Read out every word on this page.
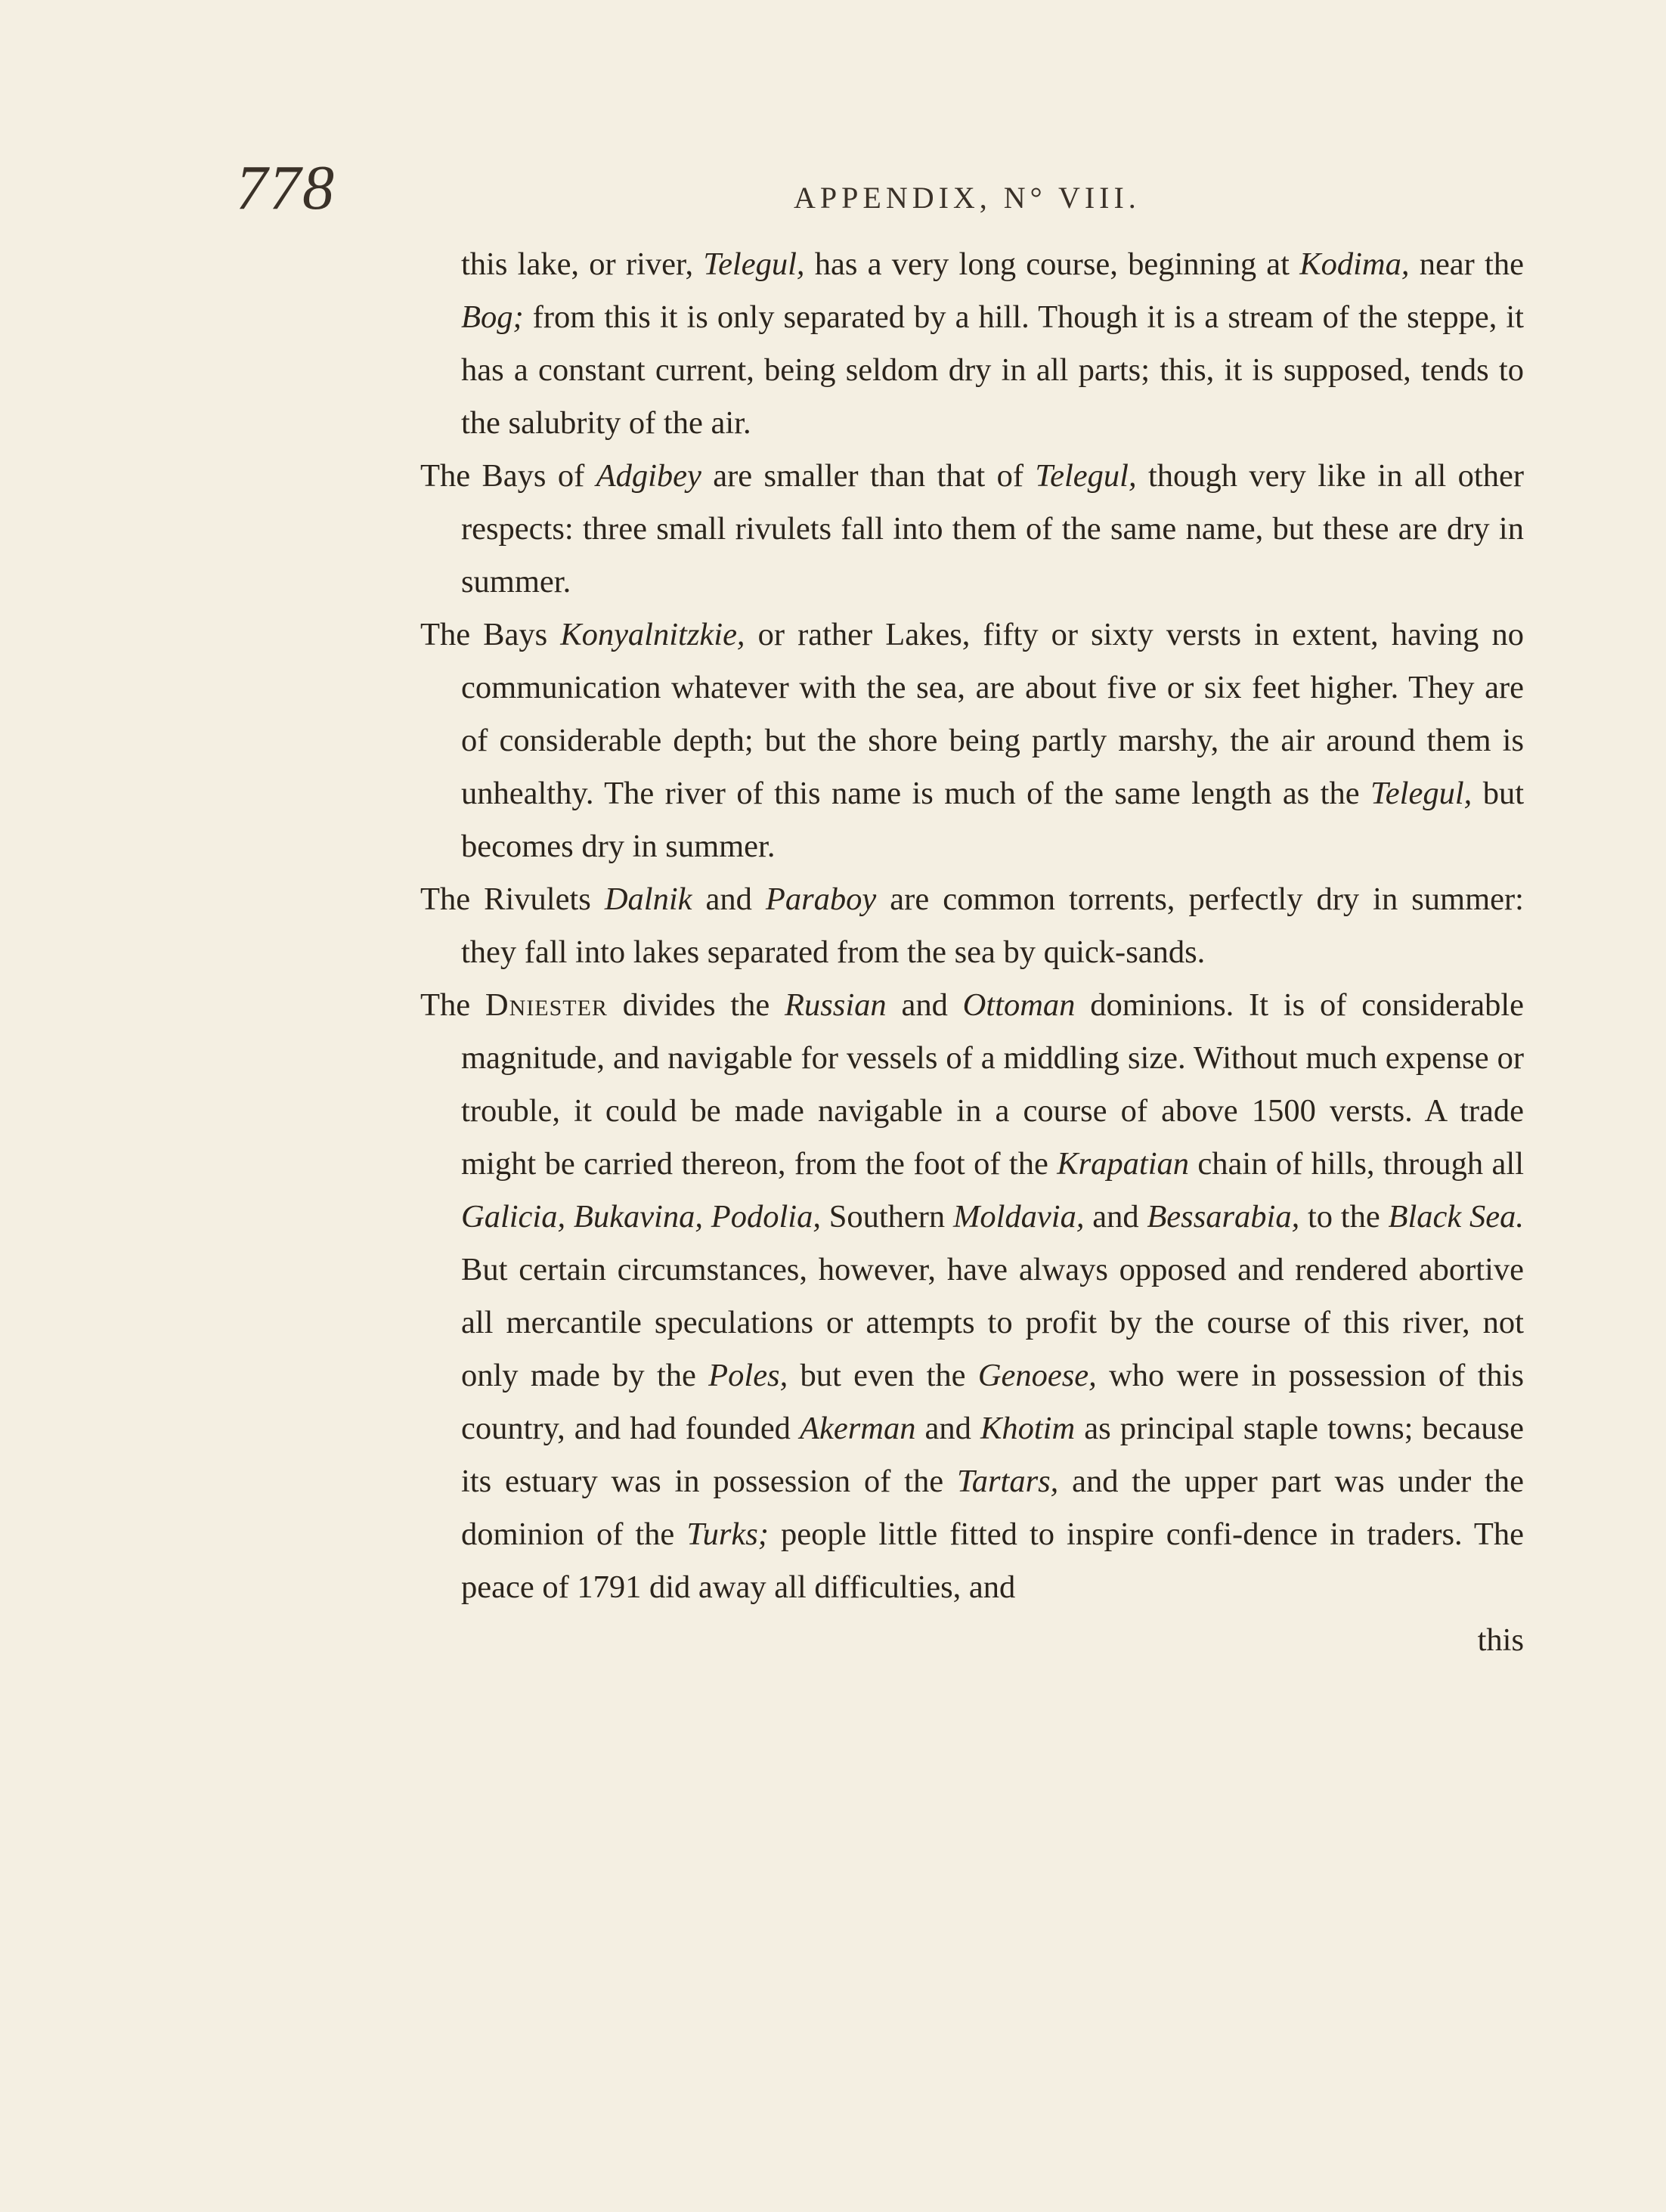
778	APPENDIX, N° VIII.

this lake, or river, Telegul, has a very long course, beginning at Kodima, near the Bog; from this it is only separated by a hill. Though it is a stream of the steppe, it has a constant current, being seldom dry in all parts; this, it is supposed, tends to the salubrity of the air.

The Bays of Adgibey are smaller than that of Telegul, though very like in all other respects: three small rivulets fall into them of the same name, but these are dry in summer.

The Bays Konyalnitzkie, or rather Lakes, fifty or sixty versts in extent, having no communication whatever with the sea, are about five or six feet higher. They are of considerable depth; but the shore being partly marshy, the air around them is unhealthy. The river of this name is much of the same length as the Telegul, but becomes dry in summer.

The Rivulets Dalnik and Paraboy are common torrents, perfectly dry in summer: they fall into lakes separated from the sea by quick-sands.

The Dniester divides the Russian and Ottoman dominions. It is of considerable magnitude, and navigable for vessels of a middling size. Without much expense or trouble, it could be made navigable in a course of above 1500 versts. A trade might be carried thereon, from the foot of the Krapatian chain of hills, through all Galicia, Bukavina, Podolia, Southern Moldavia, and Bessarabia, to the Black Sea. But certain circumstances, however, have always opposed and rendered abortive all mercantile speculations or attempts to profit by the course of this river, not only made by the Poles, but even the Genoese, who were in possession of this country, and had founded Akerman and Khotim as principal staple towns; because its estuary was in possession of the Tartars, and the upper part was under the dominion of the Turks; people little fitted to inspire confi-dence in traders. The peace of 1791 did away all difficulties, and

this
